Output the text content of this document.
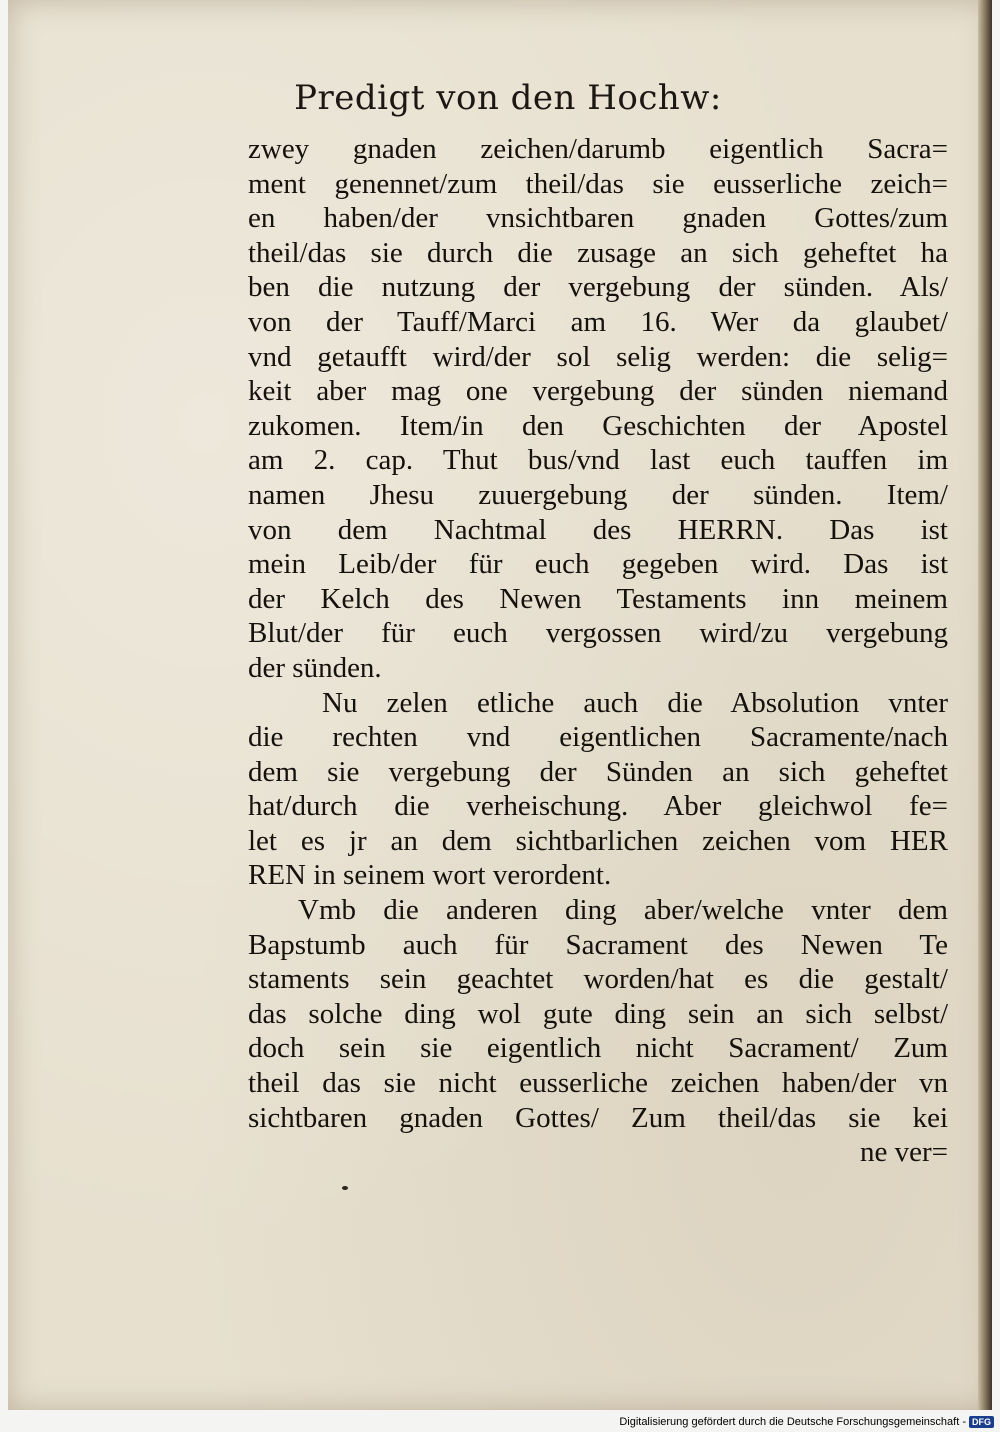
Predigt von den Hochw:
zwey gnaden zeichen/darumb eigentlich Sacra=
ment genennet/zum theil/das sie eusserliche zeich=
en haben/der vnsichtbaren gnaden Gottes/zum
theil/das sie durch die zusage an sich geheftet ha
ben die nutzung der vergebung der sünden. Als/
von der Tauff/Marci am 16. Wer da glaubet/
vnd getaufft wird/der sol selig werden: die selig=
keit aber mag one vergebung der sünden niemand
zukomen. Item/in den Geschichten der Apostel
am 2. cap. Thut bus/vnd last euch tauffen im
namen Jhesu zuuergebung der sünden. Item/
von dem Nachtmal des HERRN. Das ist
mein Leib/der für euch gegeben wird. Das ist
der Kelch des Newen Testaments inn meinem
Blut/der für euch vergossen wird/zu vergebung
der sünden.
Nu zelen etliche auch die Absolution vnter
die rechten vnd eigentlichen Sacramente/nach
dem sie vergebung der Sünden an sich geheftet
hat/durch die verheischung. Aber gleichwol fe=
let es jr an dem sichtbarlichen zeichen vom HER
REN in seinem wort verordent.
Vmb die anderen ding aber/welche vnter dem
Bapstumb auch für Sacrament des Newen Te
staments sein geachtet worden/hat es die gestalt/
das solche ding wol gute ding sein an sich selbst/
doch sein sie eigentlich nicht Sacrament/ Zum
theil das sie nicht eusserliche zeichen haben/der vn
sichtbaren gnaden Gottes/ Zum theil/das sie kei
ne ver=
Digitalisierung gefördert durch die Deutsche Forschungsgemeinschaft - DFG
